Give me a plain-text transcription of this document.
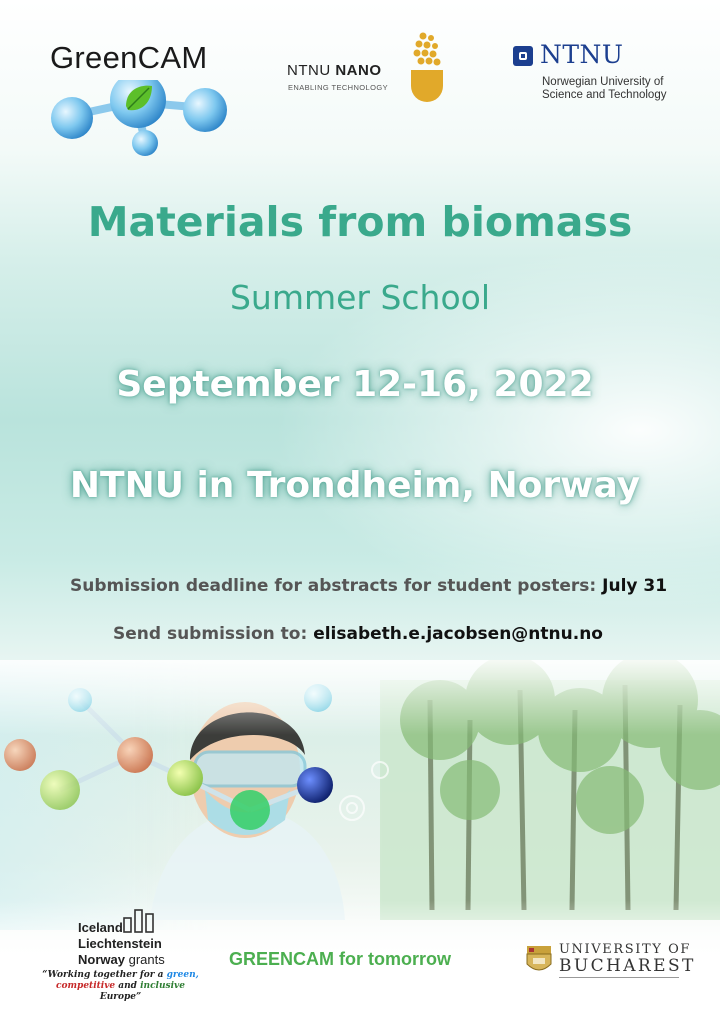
GreenCAM	NTNU NANO
ENABLING TECHNOLOGY
NTNU
Norwegian University of
Science and Technology
Materials from biomass
Summer School
September 12-16, 2022
NTNU in Trondheim, Norway
Submission deadline for abstracts for student posters: July 31
Send submission to: elisabeth.e.jacobsen@ntnu.no
Iceland
Liechtenstein
Norway grants
“Working together for a green,
competitive and inclusive Europe”
GREENCAM for tomorrow	UNIVERSITY OF
BUCHAREST
